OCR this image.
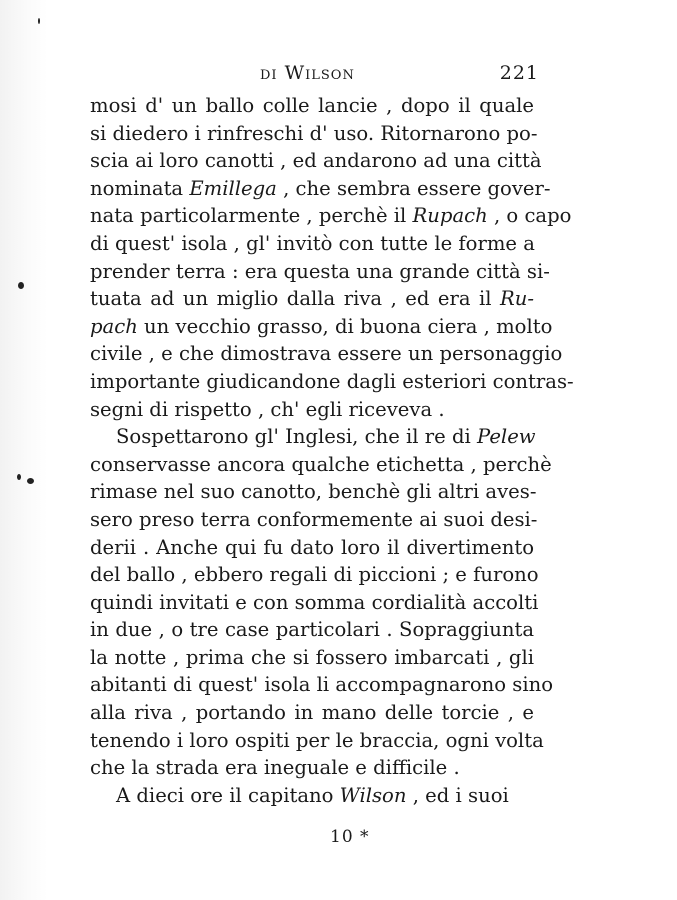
di Wilson	221
mosi d' un ballo colle lancie , dopo il quale
si diedero i rinfreschi d' uso. Ritornarono po-
scia ai loro canotti , ed andarono ad una città
nominata Emillega , che sembra essere gover-
nata particolarmente , perchè il Rupach , o capo
di quest' isola , gl' invitò con tutte le forme a
prender terra : era questa una grande città si-
tuata ad un miglio dalla riva , ed era il Ru-
pach un vecchio grasso, di buona ciera , molto
civile , e che dimostrava essere un personaggio
importante giudicandone dagli esteriori contras-
segni di rispetto , ch' egli riceveva .
Sospettarono gl' Inglesi, che il re di Pelew
conservasse ancora qualche etichetta , perchè
rimase nel suo canotto, benchè gli altri aves-
sero preso terra conformemente ai suoi desi-
derii . Anche qui fu dato loro il divertimento
del ballo , ebbero regali di piccioni ; e furono
quindi invitati e con somma cordialità accolti
in due , o tre case particolari . Sopraggiunta
la notte , prima che si fossero imbarcati , gli
abitanti di quest' isola li accompagnarono sino
alla riva , portando in mano delle torcie , e
tenendo i loro ospiti per le braccia, ogni volta
che la strada era ineguale e difficile .
A dieci ore il capitano Wilson , ed i suoi
10 *
